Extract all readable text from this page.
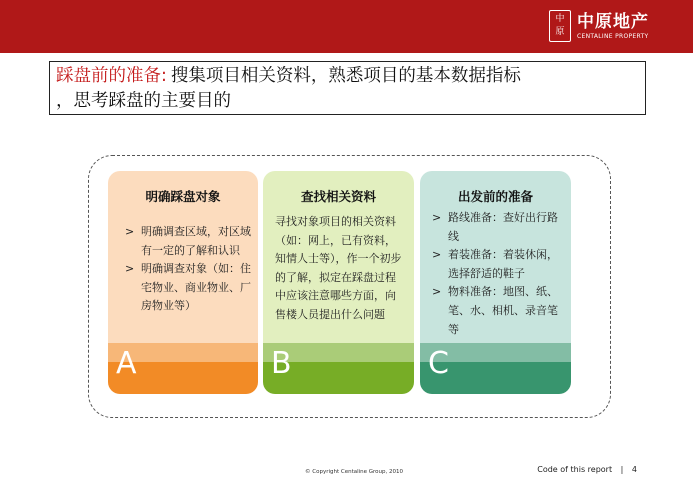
中
原
中原地产
CENTALINE PROPERTY
踩盘前的准备: 搜集项目相关资料，熟悉项目的基本数据指标
，思考踩盘的主要目的
明确踩盘对象
> 明确调查区域，对区域有一定的了解和认识
> 明确调查对象（如：住宅物业、商业物业、厂房物业等）
A
查找相关资料

寻找对象项目的相关资料（如：网上，已有资料，知情人士等），作一个初步的了解，拟定在踩盘过程中应该注意哪些方面，向售楼人员提出什么问题

B
出发前的准备
> 路线准备：查好出行路线
> 着装准备：着装休闲，选择舒适的鞋子
> 物料准备：地图、纸、笔、水、相机、录音笔等
C
© Copyright Centaline Group, 2010	Code of this report | 4
